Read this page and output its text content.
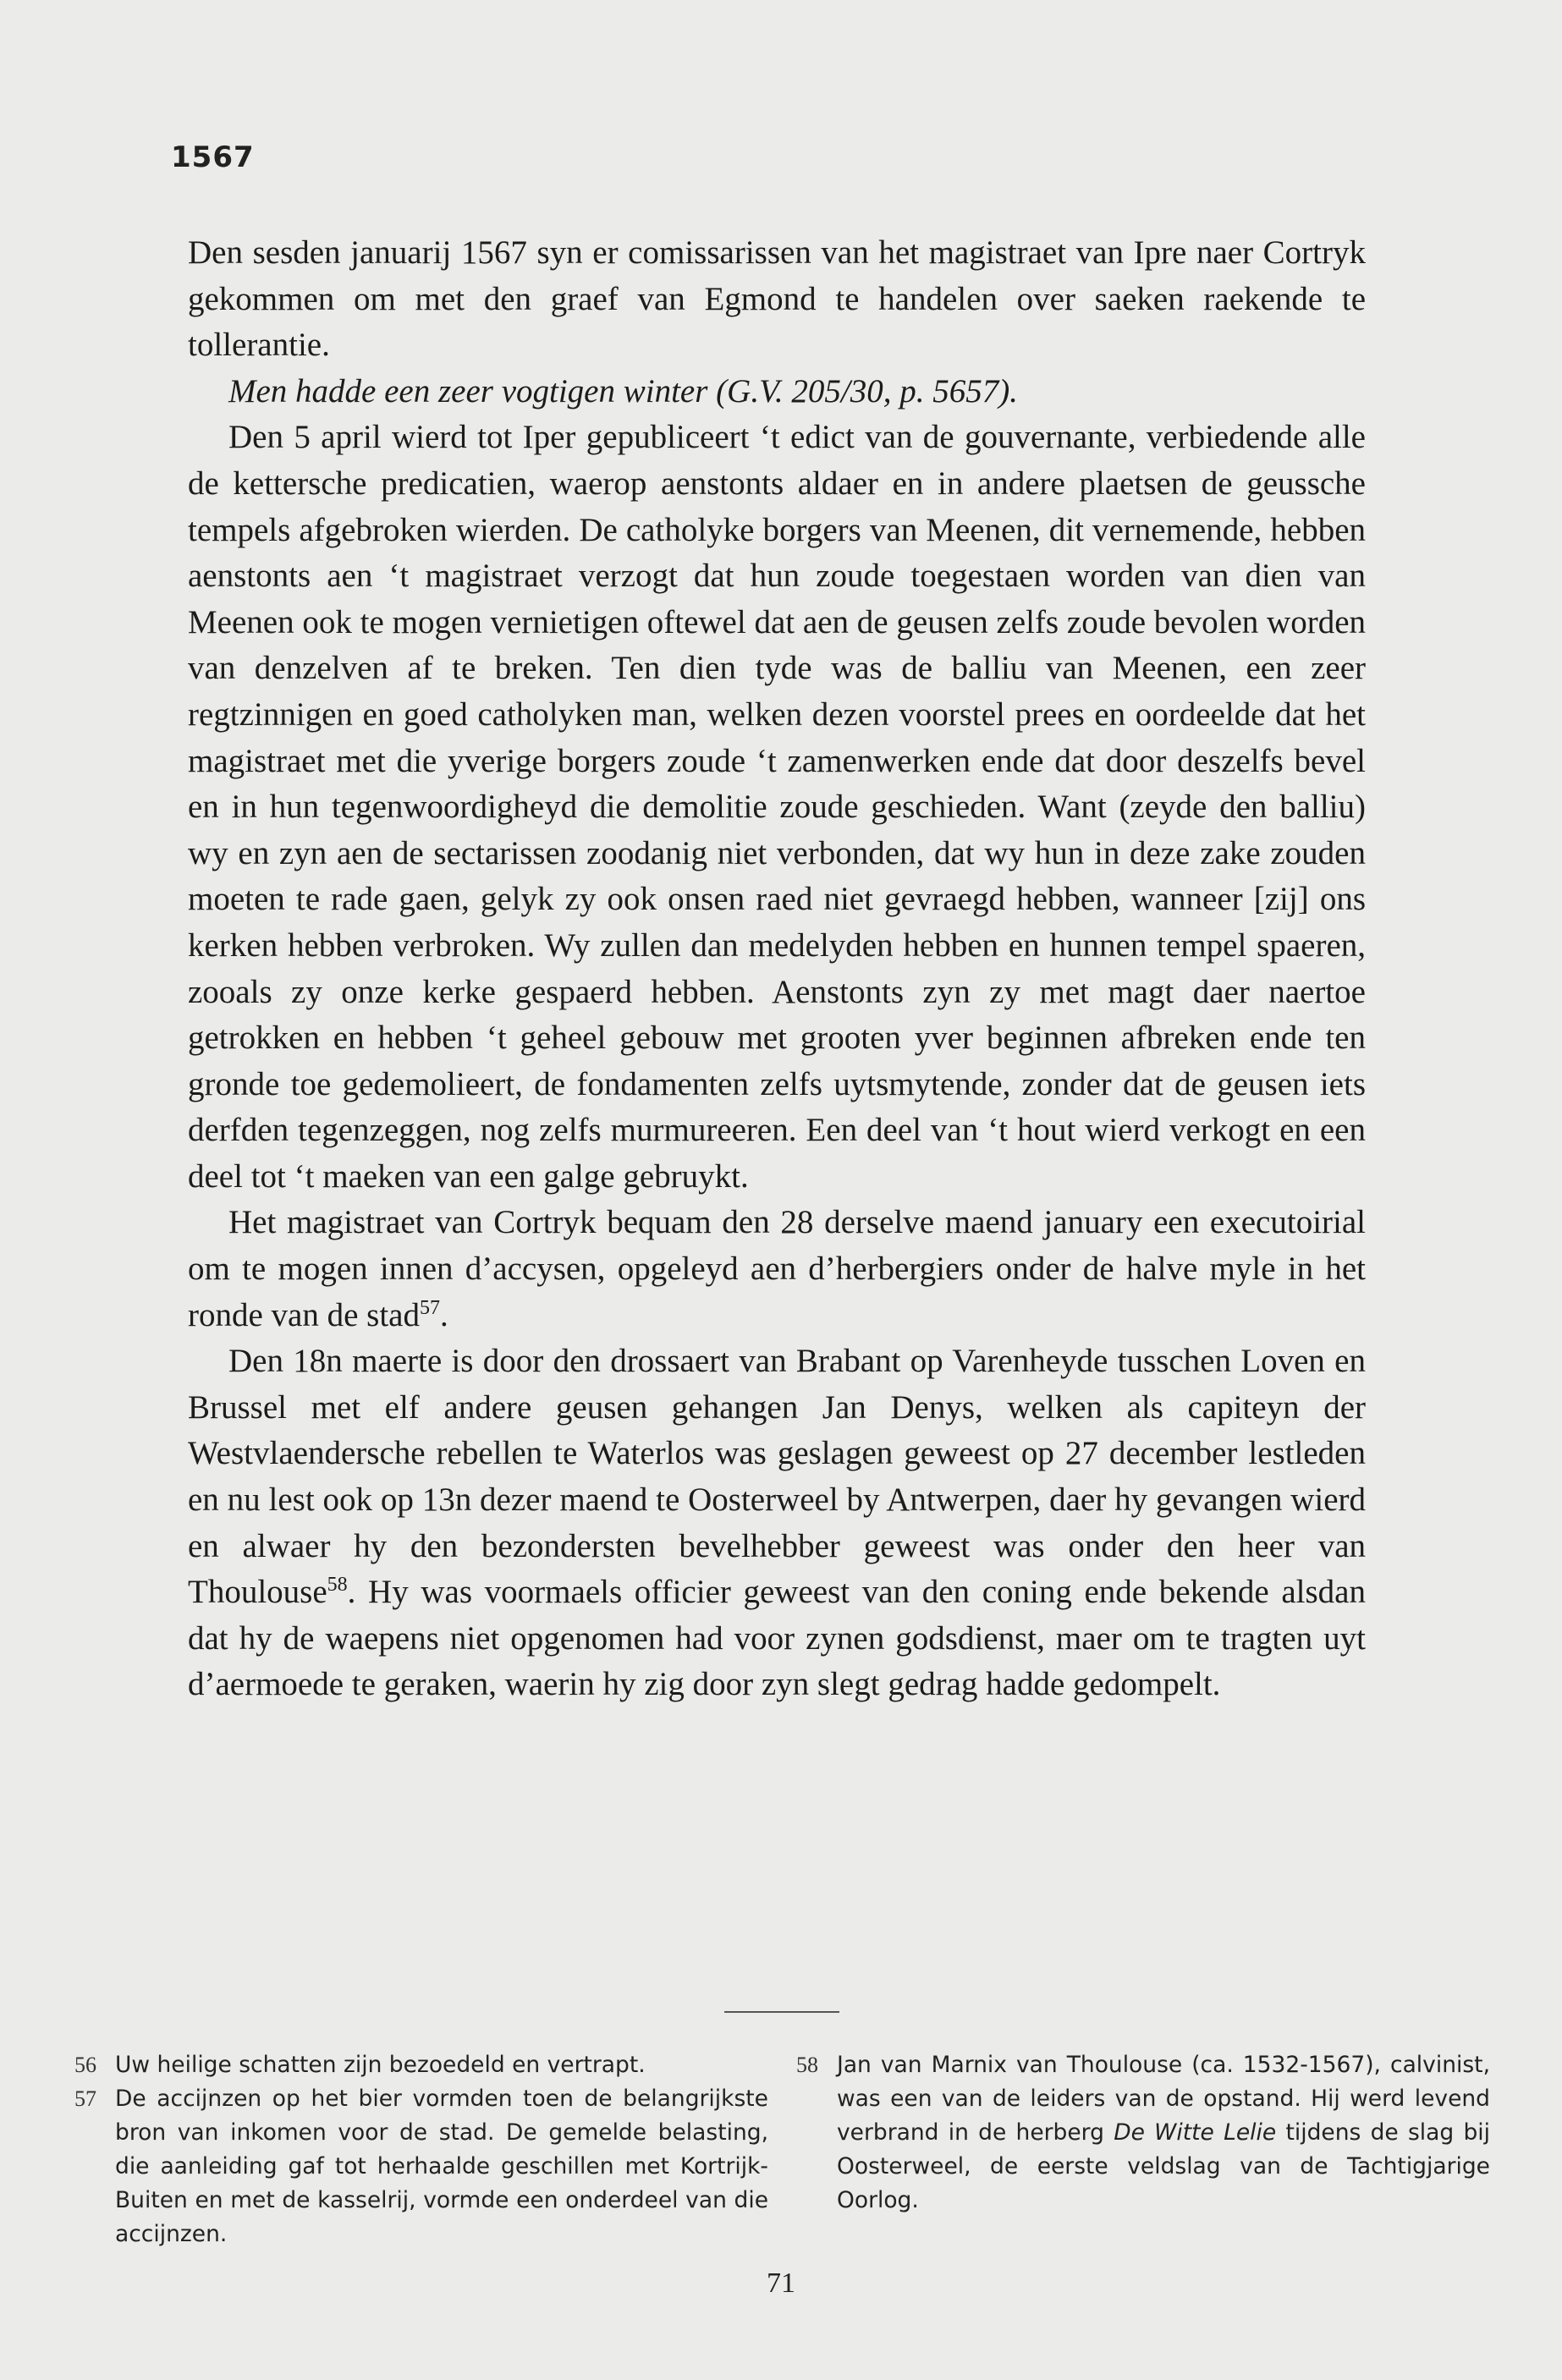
1567

Den sesden januarij 1567 syn er comissarissen van het magistraet van Ipre naer Cortryk gekommen om met den graef van Egmond te handelen over saeken raekende te tollerantie.

Men hadde een zeer vogtigen winter (G.V. 205/30, p. 5657).

Den 5 april wierd tot Iper gepubliceert ‘t edict van de gouvernante, verbiedende alle de kettersche predicatien, waerop aenstonts aldaer en in andere plaetsen de geussche tempels afgebroken wierden. De catholyke borgers van Meenen, dit vernemende, hebben aenstonts aen ‘t magistraet verzogt dat hun zoude toegestaen worden van dien van Meenen ook te mogen vernietigen oftewel dat aen de geusen zelfs zoude bevolen worden van denzelven af te breken. Ten dien tyde was de balliu van Meenen, een zeer regtzinnigen en goed catholyken man, welken dezen voorstel prees en oordeelde dat het magistraet met die yverige borgers zoude ‘t zamenwerken ende dat door deszelfs bevel en in hun tegenwoordigheyd die demolitie zoude geschieden. Want (zeyde den balliu) wy en zyn aen de sectarissen zoodanig niet verbonden, dat wy hun in deze zake zouden moeten te rade gaen, gelyk zy ook onsen raed niet gevraegd hebben, wanneer [zij] ons kerken hebben verbroken. Wy zullen dan medelyden hebben en hunnen tempel spaeren, zooals zy onze kerke gespaerd hebben. Aenstonts zyn zy met magt daer naertoe getrokken en hebben ‘t geheel gebouw met grooten yver beginnen afbreken ende ten gronde toe gedemolieert, de fondamenten zelfs uytsmytende, zonder dat de geusen iets derfden tegenzeggen, nog zelfs murmureeren. Een deel van ‘t hout wierd verkogt en een deel tot ‘t maeken van een galge gebruykt.

Het magistraet van Cortryk bequam den 28 derselve maend january een executoirial om te mogen innen d’accysen, opgeleyd aen d’herbergiers onder de halve myle in het ronde van de stad$^{57}$.

Den 18n maerte is door den drossaert van Brabant op Varenheyde tusschen Loven en Brussel met elf andere geusen gehangen Jan Denys, welken als capiteyn der Westvlaendersche rebellen te Waterlos was geslagen geweest op 27 december lestleden en nu lest ook op 13n dezer maend te Oosterweel by Antwerpen, daer hy gevangen wierd en alwaer hy den bezondersten bevelhebber geweest was onder den heer van Thoulouse$^{58}$. Hy was voormaels officier geweest van den coning ende bekende alsdan dat hy de waepens niet opgenomen had voor zynen godsdienst, maer om te tragten uyt d’aermoede te geraken, waerin hy zig door zyn slegt gedrag hadde gedompelt.

56 Uw heilige schatten zijn bezoedeld en vertrapt.

57 De accijnzen op het bier vormden toen de belangrijkste bron van inkomen voor de stad. De gemelde belasting, die aanleiding gaf tot herhaalde geschillen met Kortrijk-Buiten en met de kasselrij, vormde een onderdeel van die accijnzen.

58 Jan van Marnix van Thoulouse (ca. 1532-1567), calvinist, was een van de leiders van de opstand. Hij werd levend verbrand in de herberg De Witte Lelie tijdens de slag bij Oosterweel, de eerste veldslag van de Tachtigjarige Oorlog.

71
